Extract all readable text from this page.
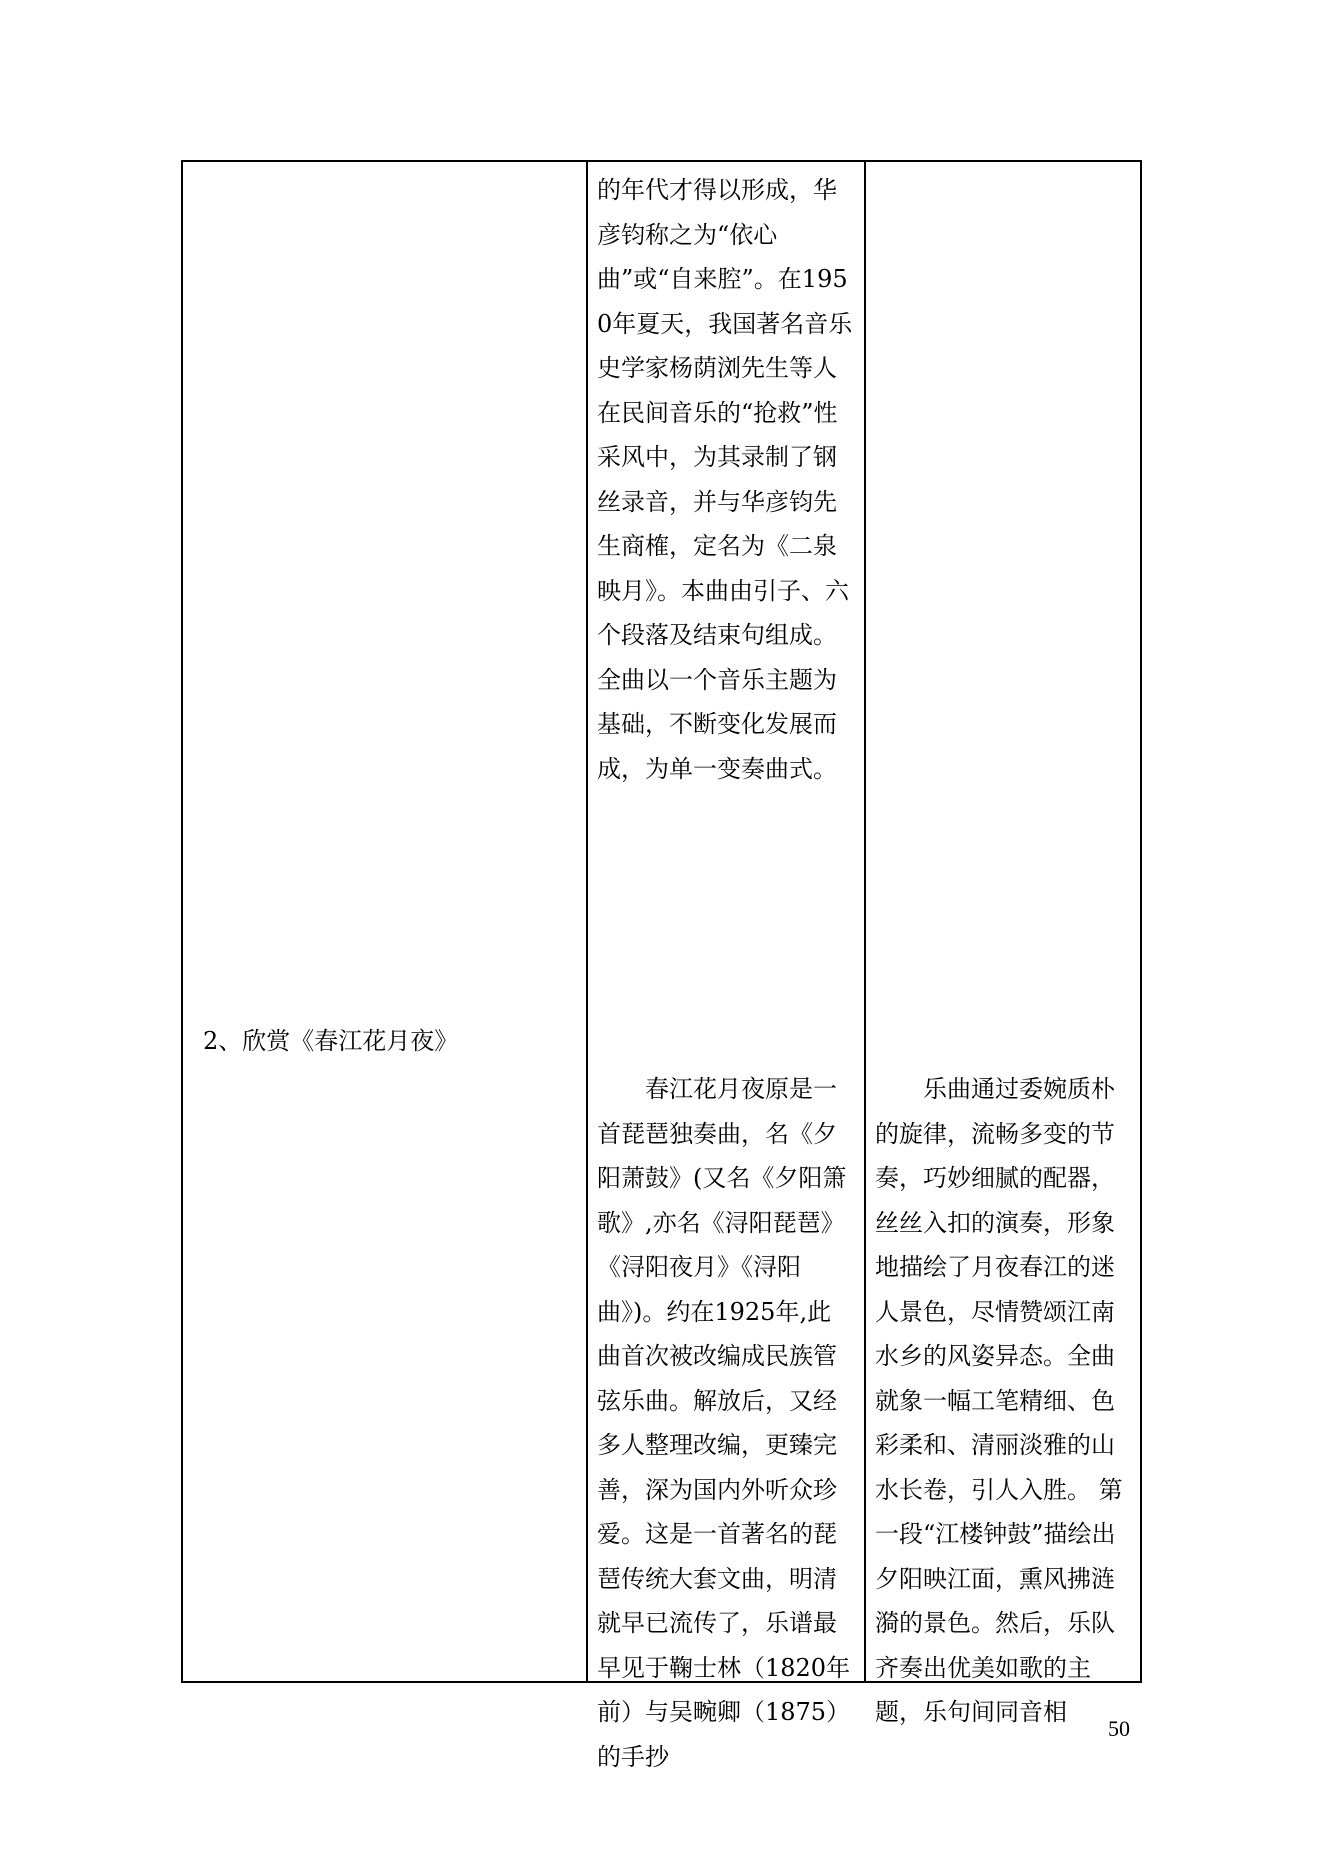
的年代才得以形成，华彦钧称之为“依心曲”或“自来腔”。在1950年夏天，我国著名音乐史学家杨荫浏先生等人在民间音乐的“抢救”性采风中，为其录制了钢丝录音，并与华彦钧先生商榷，定名为《二泉映月》。本曲由引子、六个段落及结束句组成。全曲以一个音乐主题为基础，不断变化发展而成，为单一变奏曲式。
2、欣赏《春江花月夜》
春江花月夜原是一首琵琶独奏曲，名《夕阳萧鼓》(又名《夕阳箫歌》,亦名《浔阳琵琶》《浔阳夜月》《浔阳曲》)。约在1925年,此曲首次被改编成民族管弦乐曲。解放后，又经多人整理改编，更臻完善，深为国内外听众珍爱。这是一首著名的琵琶传统大套文曲，明清就早已流传了，乐谱最早见于鞠士林（1820年前）与吴畹卿（1875）的手抄
乐曲通过委婉质朴的旋律，流畅多变的节奏，巧妙细腻的配器，丝丝入扣的演奏，形象地描绘了月夜春江的迷人景色，尽情赞颂江南水乡的风姿异态。全曲就象一幅工笔精细、色彩柔和、清丽淡雅的山水长卷，引人入胜。 第一段“江楼钟鼓”描绘出夕阳映江面，熏风拂涟漪的景色。然后，乐队齐奏出优美如歌的主题，乐句间同音相
50
